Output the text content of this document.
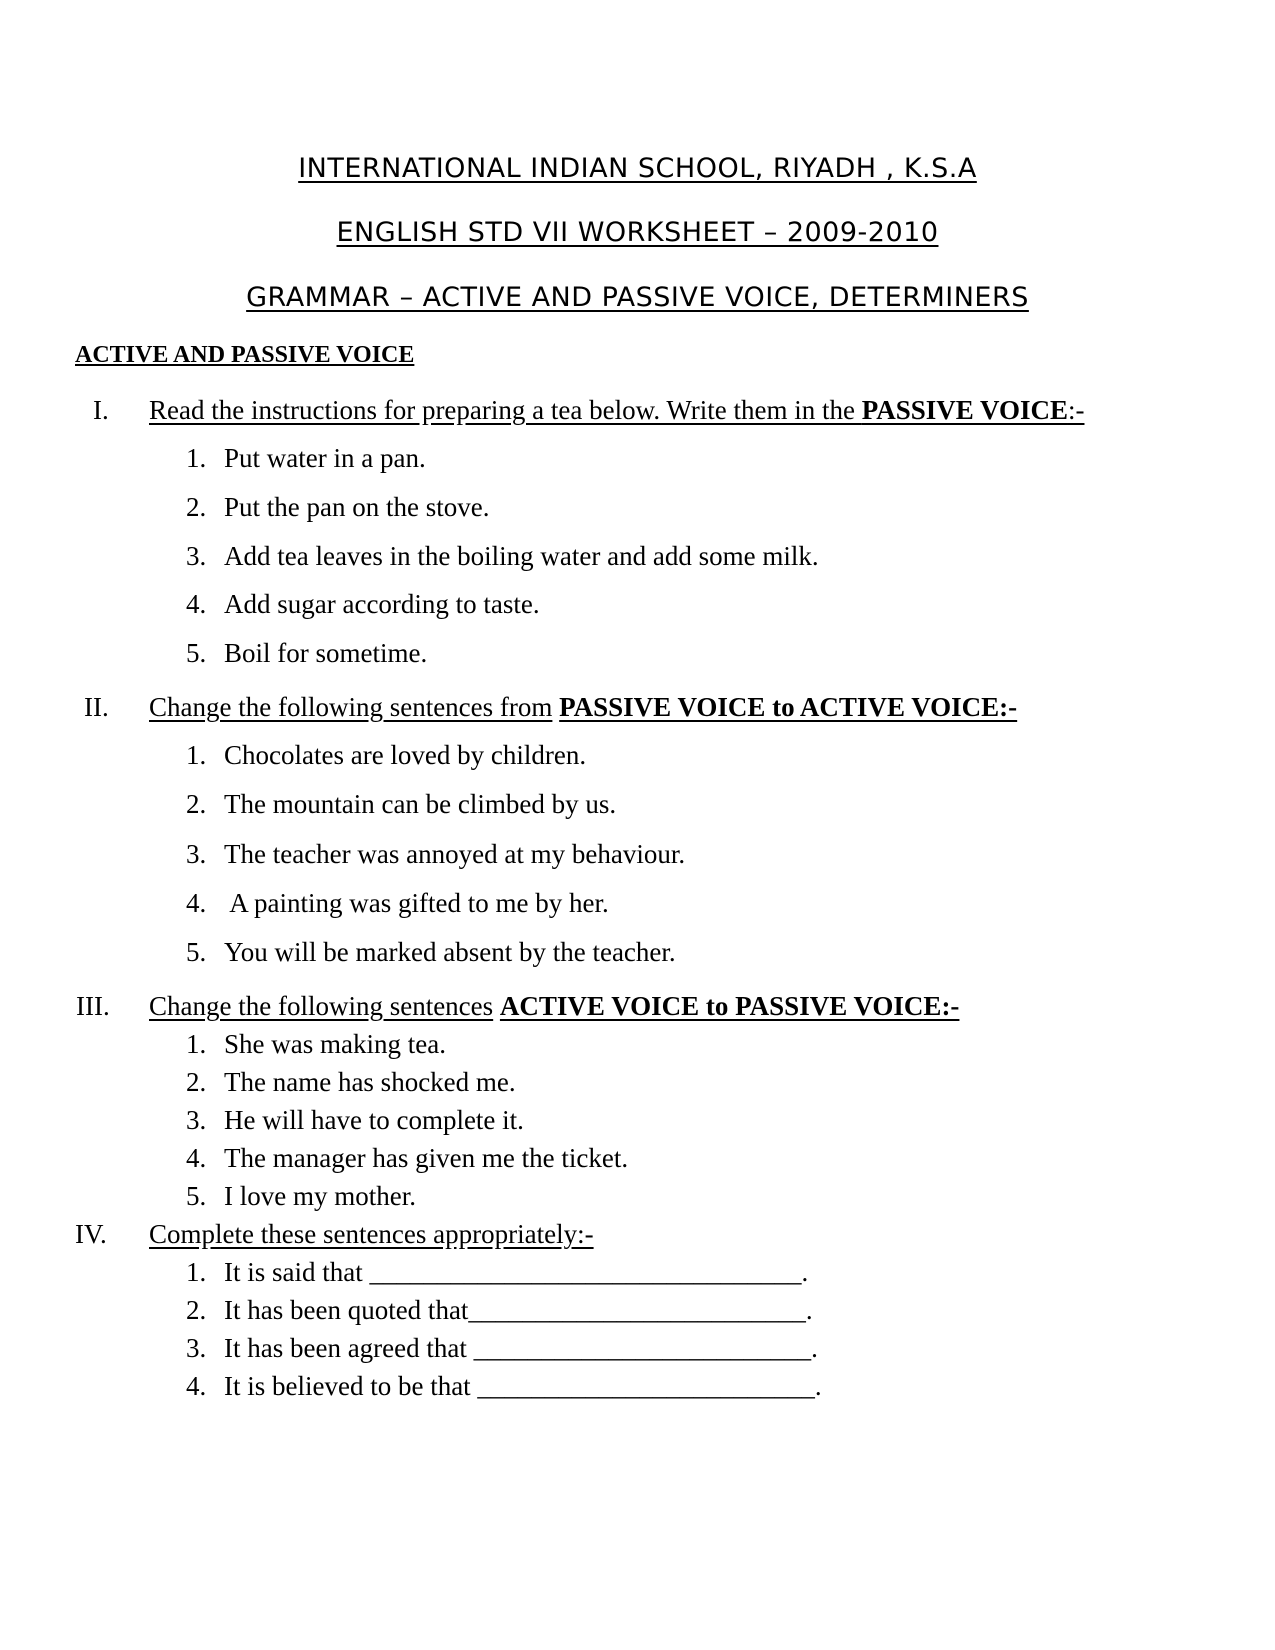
INTERNATIONAL INDIAN SCHOOL, RIYADH , K.S.A
ENGLISH STD VII WORKSHEET – 2009-2010
GRAMMAR – ACTIVE AND PASSIVE VOICE, DETERMINERS
ACTIVE AND PASSIVE VOICE
I. Read the instructions for preparing a tea below. Write them in the PASSIVE VOICE:-
1. Put water in a pan.
2. Put the pan on the stove.
3. Add tea leaves in the boiling water and add some milk.
4. Add sugar according to taste.
5. Boil for sometime.
II. Change the following sentences from PASSIVE VOICE to ACTIVE VOICE:-
1. Chocolates are loved by children.
2. The mountain can be climbed by us.
3. The teacher was annoyed at my behaviour.
4. A painting was gifted to me by her.
5. You will be marked absent by the teacher.
III. Change the following sentences ACTIVE VOICE to PASSIVE VOICE:-
1. She was making tea.
2. The name has shocked me.
3. He will have to complete it.
4. The manager has given me the ticket.
5. I love my mother.
IV. Complete these sentences appropriately:-
1. It is said that ________________________________.
2. It has been quoted that_________________________.
3. It has been agreed that _________________________.
4. It is believed to be that _________________________.
